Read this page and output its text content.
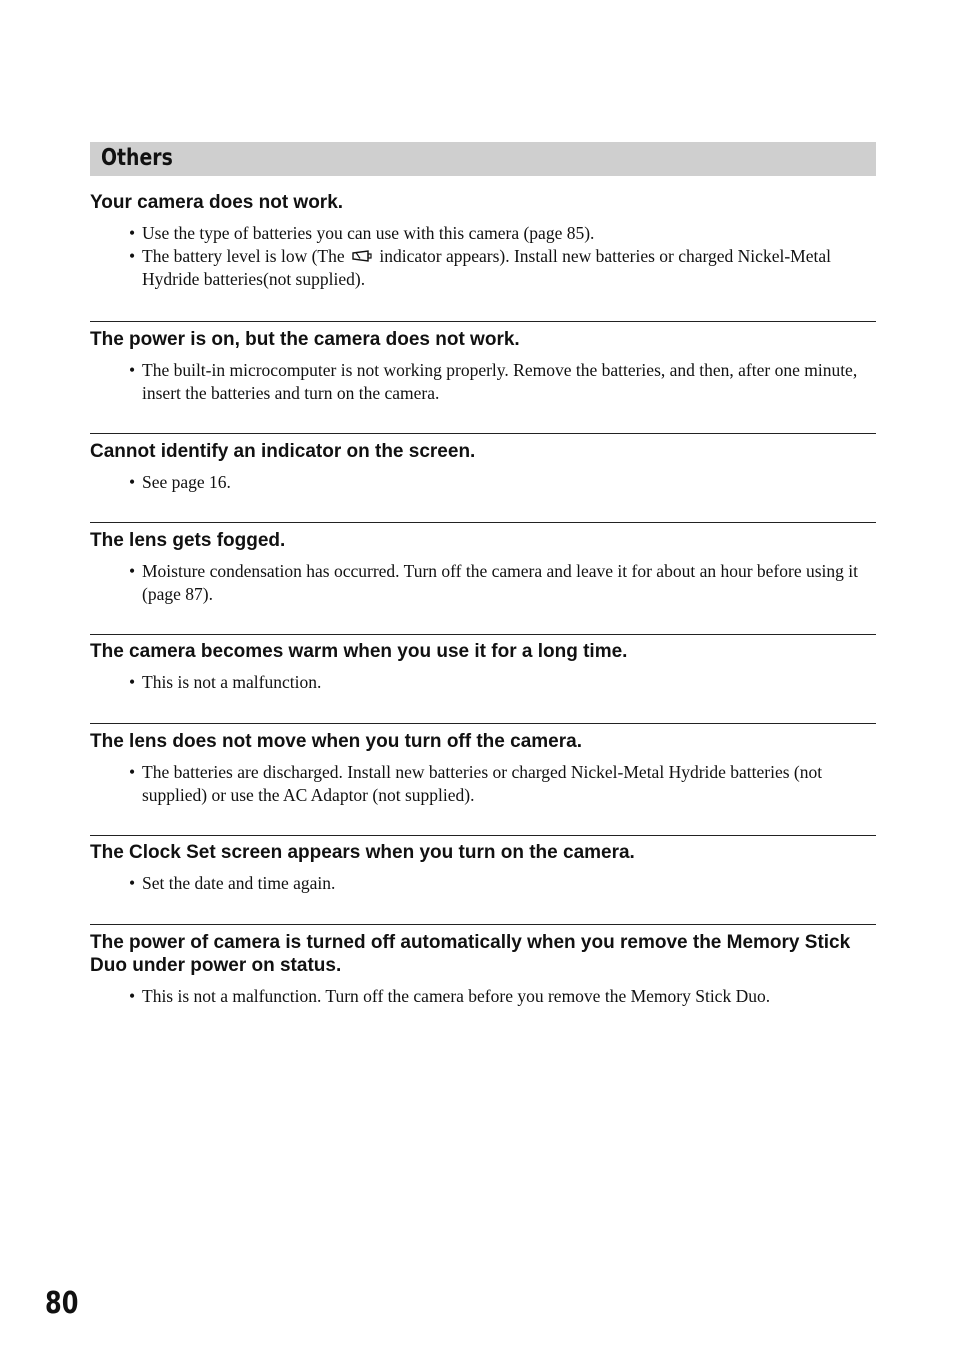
Others

Your camera does not work.

• Use the type of batteries you can use with this camera (page 85).
• The battery level is low (The indicator appears). Install new batteries or charged Nickel-Metal Hydride batteries(not supplied).

The power is on, but the camera does not work.

• The built-in microcomputer is not working properly. Remove the batteries, and then, after one minute, insert the batteries and turn on the camera.

Cannot identify an indicator on the screen.

• See page 16.

The lens gets fogged.

• Moisture condensation has occurred. Turn off the camera and leave it for about an hour before using it (page 87).

The camera becomes warm when you use it for a long time.

• This is not a malfunction.

The lens does not move when you turn off the camera.

• The batteries are discharged. Install new batteries or charged Nickel-Metal Hydride batteries (not supplied) or use the AC Adaptor (not supplied).

The Clock Set screen appears when you turn on the camera.

• Set the date and time again.

The power of camera is turned off automatically when you remove the Memory Stick Duo under power on status.

• This is not a malfunction. Turn off the camera before you remove the Memory Stick Duo.
80
